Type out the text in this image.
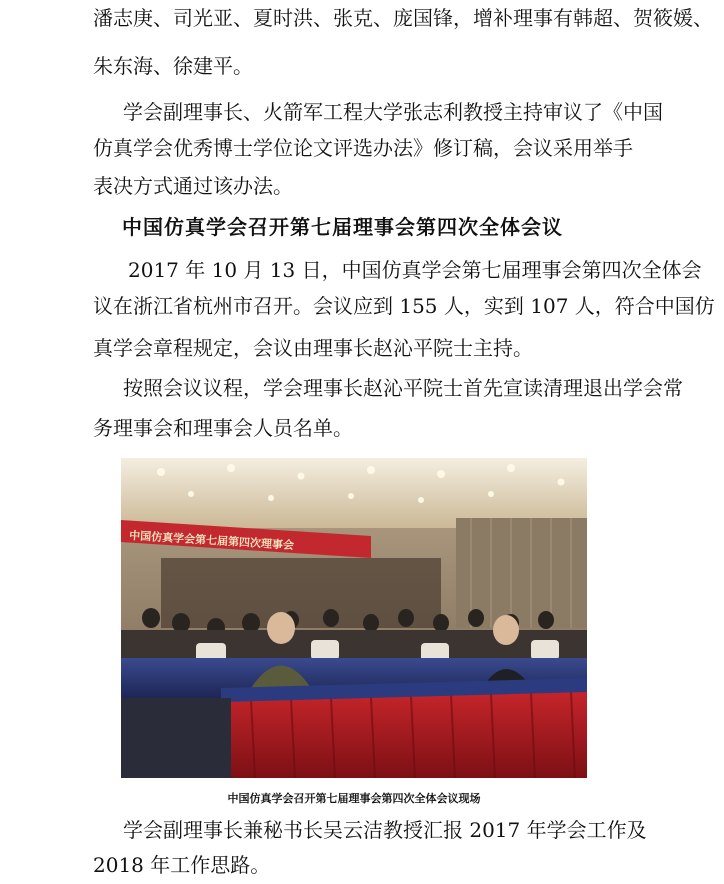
潘志庚、司光亚、夏时洪、张克、庞国锋，增补理事有韩超、贺筱媛、
朱东海、徐建平。
学会副理事长、火箭军工程大学张志利教授主持审议了《中国
仿真学会优秀博士学位论文评选办法》修订稿，会议采用举手
表决方式通过该办法。
中国仿真学会召开第七届理事会第四次全体会议
2017 年 10 月 13 日，中国仿真学会第七届理事会第四次全体会
议在浙江省杭州市召开。会议应到 155 人，实到 107 人，符合中国仿
真学会章程规定，会议由理事长赵沁平院士主持。
按照会议议程，学会理事长赵沁平院士首先宣读清理退出学会常
务理事会和理事会人员名单。
中国仿真学会第七届第四次理事会
中国仿真学会召开第七届理事会第四次全体会议现场
学会副理事长兼秘书长吴云洁教授汇报 2017 年学会工作及
2018 年工作思路。
